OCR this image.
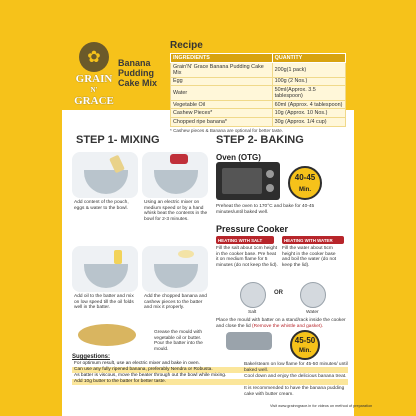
✿
GRAIN
N'
GRACE
Banana Pudding Cake Mix
Recipe
INGREDIENTS	QUANTITY
Grain'N' Grace Banana Pudding Cake Mix	200g(1 pack)
Egg	100g (2 Nos.)
Water	50ml(Approx. 3.5 tablespoon)
Vegetable Oil	60ml (Approx. 4 tablespoon)
Cashew Pieces*	10g (Approx. 10 Nos.)
Chopped ripe banana*	30g (Approx. 1/4 cup)
* Cashew pieces & Banana are optional for better taste.
STEP 1- MIXING
Add content of the pouch, eggs & water to the bowl.
Using an electric mixer on medium speed or by a hand whisk beat the contents in the bowl for 2-3 minutes.
Add oil to the batter and mix on low speed till the oil folds well in the batter.
Add the chopped banana and cashew pieces to the batter and mix it properly.
Grease the mould with vegetable oil or butter. Pour the batter into the mould.
STEP 2- BAKING
Oven (OTG)
40-45
Min.
Preheat the oven to 170°C and bake for 40-45 minutes/until baked well.
Pressure Cooker
HEATING WITH SALT	HEATING WITH WATER
Fill the salt about 1cm height in the cooker base. Pre heat it on medium flame for 5 minutes (do not keep the lid).
Fill the water about 5cm height in the cooker base and boil the water (do not keep the lid).
OR
Salt	Water
Place the mould with batter on a stand/rack inside the cooker and close the lid (Remove the whistle and gasket).
45-50
Min.
Suggestions:
For optimum result, use an electric mixer and bake in oven.
Can use any fully ripened banana, preferably Nendra or Robusta.
As batter is viscous, move the beater through out the bowl while mixing.
Add 10g butter to the batter for better taste.
Bake/steam on low flame for 45-50 minutes/ until baked well.
Cool down and enjoy the delicious banana treat.
It is recommended to have the banana pudding cake with butter cream.
Visit www.grainngrace.in for videos on method of preparation
